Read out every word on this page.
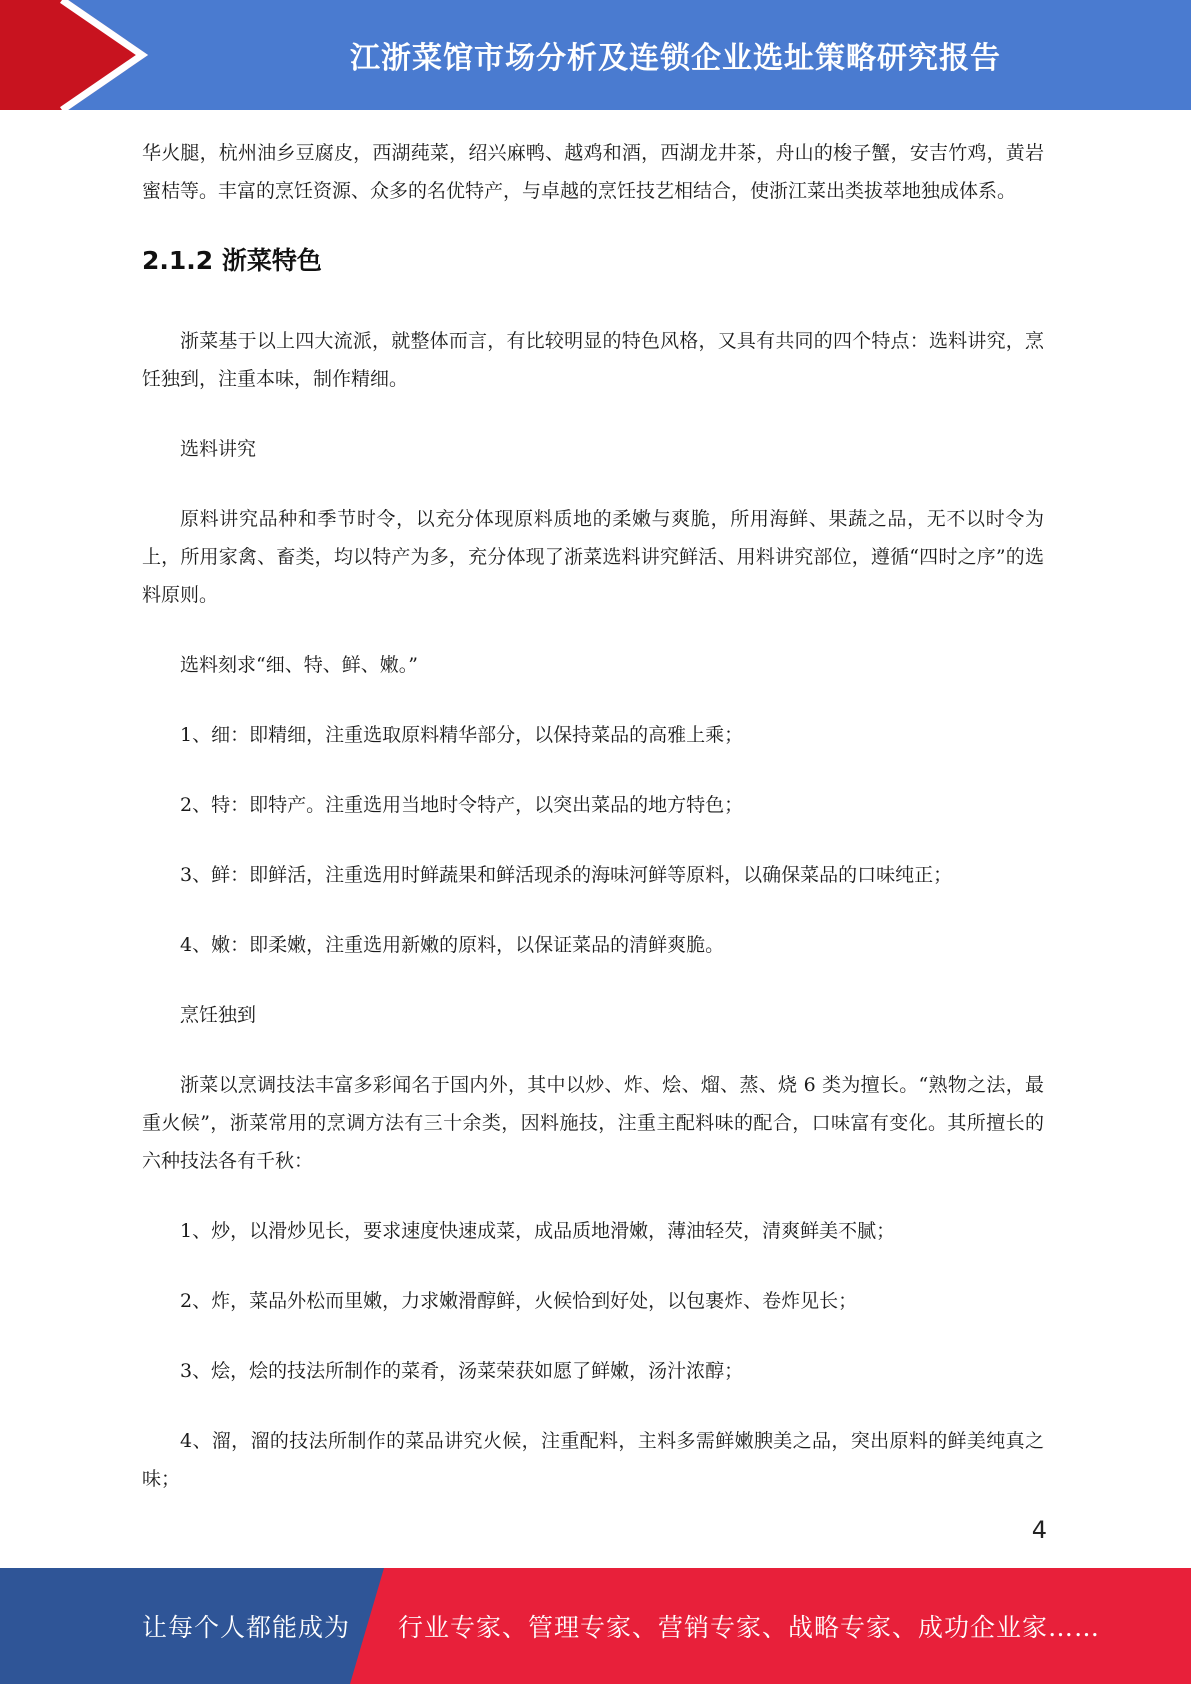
江浙菜馆市场分析及连锁企业选址策略研究报告

华火腿，杭州油乡豆腐皮，西湖莼菜，绍兴麻鸭、越鸡和酒，西湖龙井茶，舟山的梭子蟹，安吉竹鸡，黄岩蜜桔等。丰富的烹饪资源、众多的名优特产，与卓越的烹饪技艺相结合，使浙江菜出类拔萃地独成体系。

2.1.2 浙菜特色

浙菜基于以上四大流派，就整体而言，有比较明显的特色风格，又具有共同的四个特点：选料讲究，烹饪独到，注重本味，制作精细。

选料讲究

原料讲究品种和季节时令，以充分体现原料质地的柔嫩与爽脆，所用海鲜、果蔬之品，无不以时令为上，所用家禽、畜类，均以特产为多，充分体现了浙菜选料讲究鲜活、用料讲究部位，遵循“四时之序”的选料原则。

选料刻求“细、特、鲜、嫩。”

1、细：即精细，注重选取原料精华部分，以保持菜品的高雅上乘；

2、特：即特产。注重选用当地时令特产，以突出菜品的地方特色；

3、鲜：即鲜活，注重选用时鲜蔬果和鲜活现杀的海味河鲜等原料，以确保菜品的口味纯正；

4、嫩：即柔嫩，注重选用新嫩的原料，以保证菜品的清鲜爽脆。

烹饪独到

浙菜以烹调技法丰富多彩闻名于国内外，其中以炒、炸、烩、熘、蒸、烧 6 类为擅长。“熟物之法，最重火候”，浙菜常用的烹调方法有三十余类，因料施技，注重主配料味的配合，口味富有变化。其所擅长的六种技法各有千秋：

1、炒，以滑炒见长，要求速度快速成菜，成品质地滑嫩，薄油轻芡，清爽鲜美不腻；

2、炸，菜品外松而里嫩，力求嫩滑醇鲜，火候恰到好处，以包裹炸、卷炸见长；

3、烩，烩的技法所制作的菜肴，汤菜荣获如愿了鲜嫩，汤汁浓醇；

4、溜，溜的技法所制作的菜品讲究火候，注重配料，主料多需鲜嫩腴美之品，突出原料的鲜美纯真之味；

4
让每个人都能成为 行业专家、管理专家、营销专家、战略专家、成功企业家……
